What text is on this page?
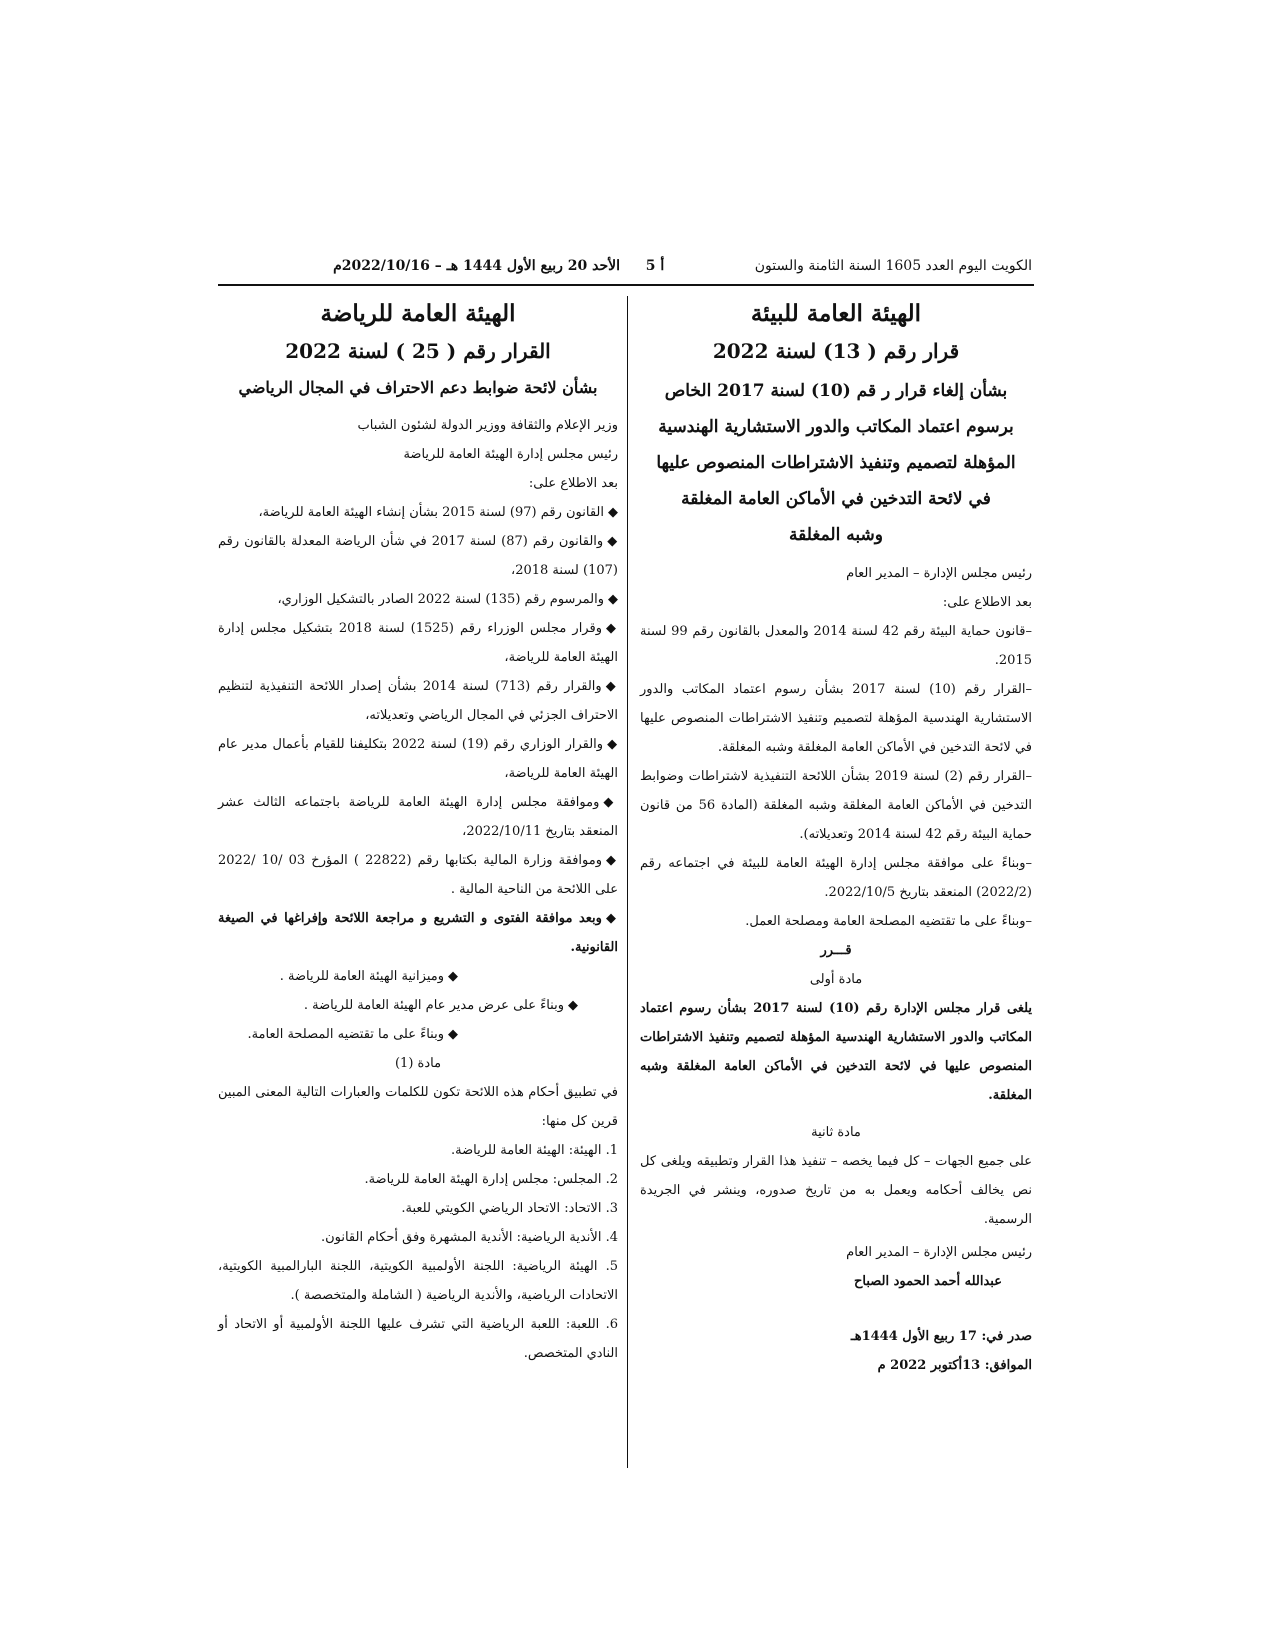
الكويت اليوم العدد 1605 السنة الثامنة والستون
أ 5
الأحد 20 ربيع الأول 1444 هـ – 2022/10/16م
الهيئة العامة للبيئة
قرار رقم ( 13) لسنة 2022
بشأن إلغاء قرار ر قم (10) لسنة 2017 الخاص
برسوم اعتماد المكاتب والدور الاستشارية الهندسية
المؤهلة لتصميم وتنفيذ الاشتراطات المنصوص عليها
في لائحة التدخين في الأماكن العامة المغلقة
وشبه المغلقة

رئيس مجلس الإدارة – المدير العام

بعد الاطلاع على:

–قانون حماية البيئة رقم 42 لسنة 2014 والمعدل بالقانون رقم 99 لسنة 2015.

–القرار رقم (10) لسنة 2017 بشأن رسوم اعتماد المكاتب والدور الاستشارية الهندسية المؤهلة لتصميم وتنفيذ الاشتراطات المنصوص عليها في لائحة التدخين في الأماكن العامة المغلقة وشبه المغلقة.

–القرار رقم (2) لسنة 2019 بشأن اللائحة التنفيذية لاشتراطات وضوابط التدخين في الأماكن العامة المغلقة وشبه المغلقة (المادة 56 من قانون حماية البيئة رقم 42 لسنة 2014 وتعديلاته).

–وبناءً على موافقة مجلس إدارة الهيئة العامة للبيئة في اجتماعه رقم (2022/2) المنعقد بتاريخ 2022/10/5.

–وبناءً على ما تقتضيه المصلحة العامة ومصلحة العمل.

قـــرر

مادة أولى

يلغى قرار مجلس الإدارة رقم (10) لسنة 2017 بشأن رسوم اعتماد المكاتب والدور الاستشارية الهندسية المؤهلة لتصميم وتنفيذ الاشتراطات المنصوص عليها في لائحة التدخين في الأماكن العامة المغلقة وشبه المغلقة.

مادة ثانية

على جميع الجهات – كل فيما يخصه – تنفيذ هذا القرار وتطبيقه ويلغى كل نص يخالف أحكامه ويعمل به من تاريخ صدوره، وينشر في الجريدة الرسمية.

رئيس مجلس الإدارة – المدير العام

عبدالله أحمد الحمود الصباح

صدر في: 17 ربيع الأول 1444هـ

الموافق: 13أكتوبر 2022 م

الهيئة العامة للرياضة
القرار رقم ( 25 ) لسنة 2022
بشأن لائحة ضوابط دعم الاحتراف في المجال الرياضي

وزير الإعلام والثقافة ووزير الدولة لشئون الشباب

رئيس مجلس إدارة الهيئة العامة للرياضة

بعد الاطلاع على:

◆القانون رقم (97) لسنة 2015 بشأن إنشاء الهيئة العامة للرياضة،

◆والقانون رقم (87) لسنة 2017 في شأن الرياضة المعدلة بالقانون رقم (107) لسنة 2018،

◆والمرسوم رقم (135) لسنة 2022 الصادر بالتشكيل الوزاري،

◆وقرار مجلس الوزراء رقم (1525) لسنة 2018 بتشكيل مجلس إدارة الهيئة العامة للرياضة،

◆والقرار رقم (713) لسنة 2014 بشأن إصدار اللائحة التنفيذية لتنظيم الاحتراف الجزئي في المجال الرياضي وتعديلاته،

◆والقرار الوزاري رقم (19) لسنة 2022 بتكليفنا للقيام بأعمال مدير عام الهيئة العامة للرياضة،

◆وموافقة مجلس إدارة الهيئة العامة للرياضة باجتماعه الثالث عشر المنعقد بتاريخ 2022/10/11،

◆وموافقة وزارة المالية بكتابها رقم (22822 ) المؤرخ 03 /10 /2022 على اللائحة من الناحية المالية .

◆وبعد موافقة الفتوى و التشريع و مراجعة اللائحة وإفراغها في الصيغة القانونية.

◆وميزانية الهيئة العامة للرياضة .

◆وبناءً على عرض مدير عام الهيئة العامة للرياضة .

◆وبناءً على ما تقتضيه المصلحة العامة.

مادة (1)

في تطبيق أحكام هذه اللائحة تكون للكلمات والعبارات التالية المعنى المبين قرين كل منها:

1. الهيئة: الهيئة العامة للرياضة.

2. المجلس: مجلس إدارة الهيئة العامة للرياضة.

3. الاتحاد: الاتحاد الرياضي الكويتي للعبة.

4. الأندية الرياضية: الأندية المشهرة وفق أحكام القانون.

5. الهيئة الرياضية: اللجنة الأولمبية الكويتية، اللجنة البارالمبية الكويتية، الاتحادات الرياضية، والأندية الرياضية ( الشاملة والمتخصصة ).

6. اللعبة: اللعبة الرياضية التي تشرف عليها اللجنة الأولمبية أو الاتحاد أو النادي المتخصص.
